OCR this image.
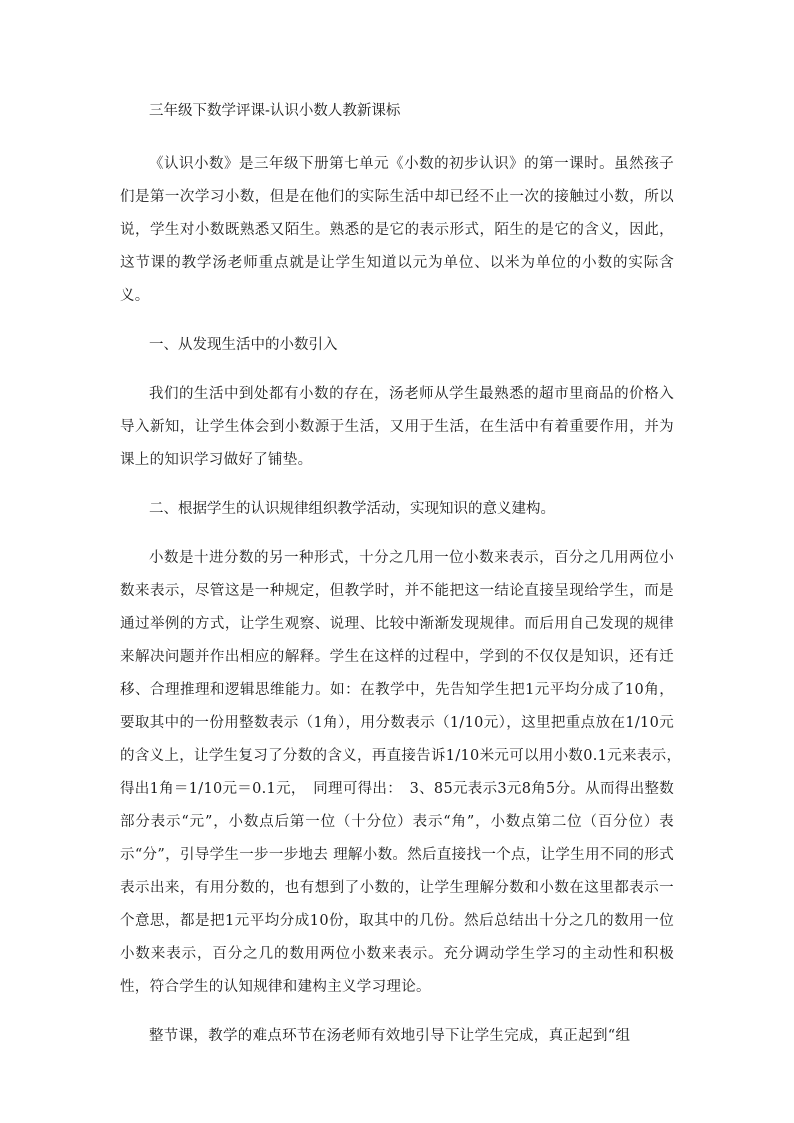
三年级下数学评课-认识小数人教新课标

《认识小数》是三年级下册第七单元《小数的初步认识》的第一课时。虽然孩子们是第一次学习小数，但是在他们的实际生活中却已经不止一次的接触过小数，所以说，学生对小数既熟悉又陌生。熟悉的是它的表示形式，陌生的是它的含义，因此，这节课的教学汤老师重点就是让学生知道以元为单位、以米为单位的小数的实际含义。

一、从发现生活中的小数引入

我们的生活中到处都有小数的存在，汤老师从学生最熟悉的超市里商品的价格入导入新知，让学生体会到小数源于生活，又用于生活，在生活中有着重要作用，并为课上的知识学习做好了铺垫。

二、根据学生的认识规律组织教学活动，实现知识的意义建构。

小数是十进分数的另一种形式，十分之几用一位小数来表示，百分之几用两位小数来表示，尽管这是一种规定，但教学时，并不能把这一结论直接呈现给学生，而是通过举例的方式，让学生观察、说理、比较中渐渐发现规律。而后用自己发现的规律来解决问题并作出相应的解释。学生在这样的过程中，学到的不仅仅是知识，还有迁移、合理推理和逻辑思维能力。如：在教学中，先告知学生把1元平均分成了10角，要取其中的一份用整数表示（1角），用分数表示（1/10元），这里把重点放在1/10元的含义上，让学生复习了分数的含义，再直接告诉1/10米元可以用小数0.1元来表示，　得出1角＝1/10元＝0.1元，　同理可得出：　3、85元表示3元8角5分。从而得出整数部分表示“元”，小数点后第一位（十分位）表示“角”，小数点第二位（百分位）表示“分”，引导学生一步一步地去 理解小数。然后直接找一个点，让学生用不同的形式表示出来，有用分数的，也有想到了小数的，让学生理解分数和小数在这里都表示一个意思，都是把1元平均分成10份，取其中的几份。然后总结出十分之几的数用一位小数来表示，百分之几的数用两位小数来表示。充分调动学生学习的主动性和积极性，符合学生的认知规律和建构主义学习理论。

整节课，教学的难点环节在汤老师有效地引导下让学生完成，真正起到“组
